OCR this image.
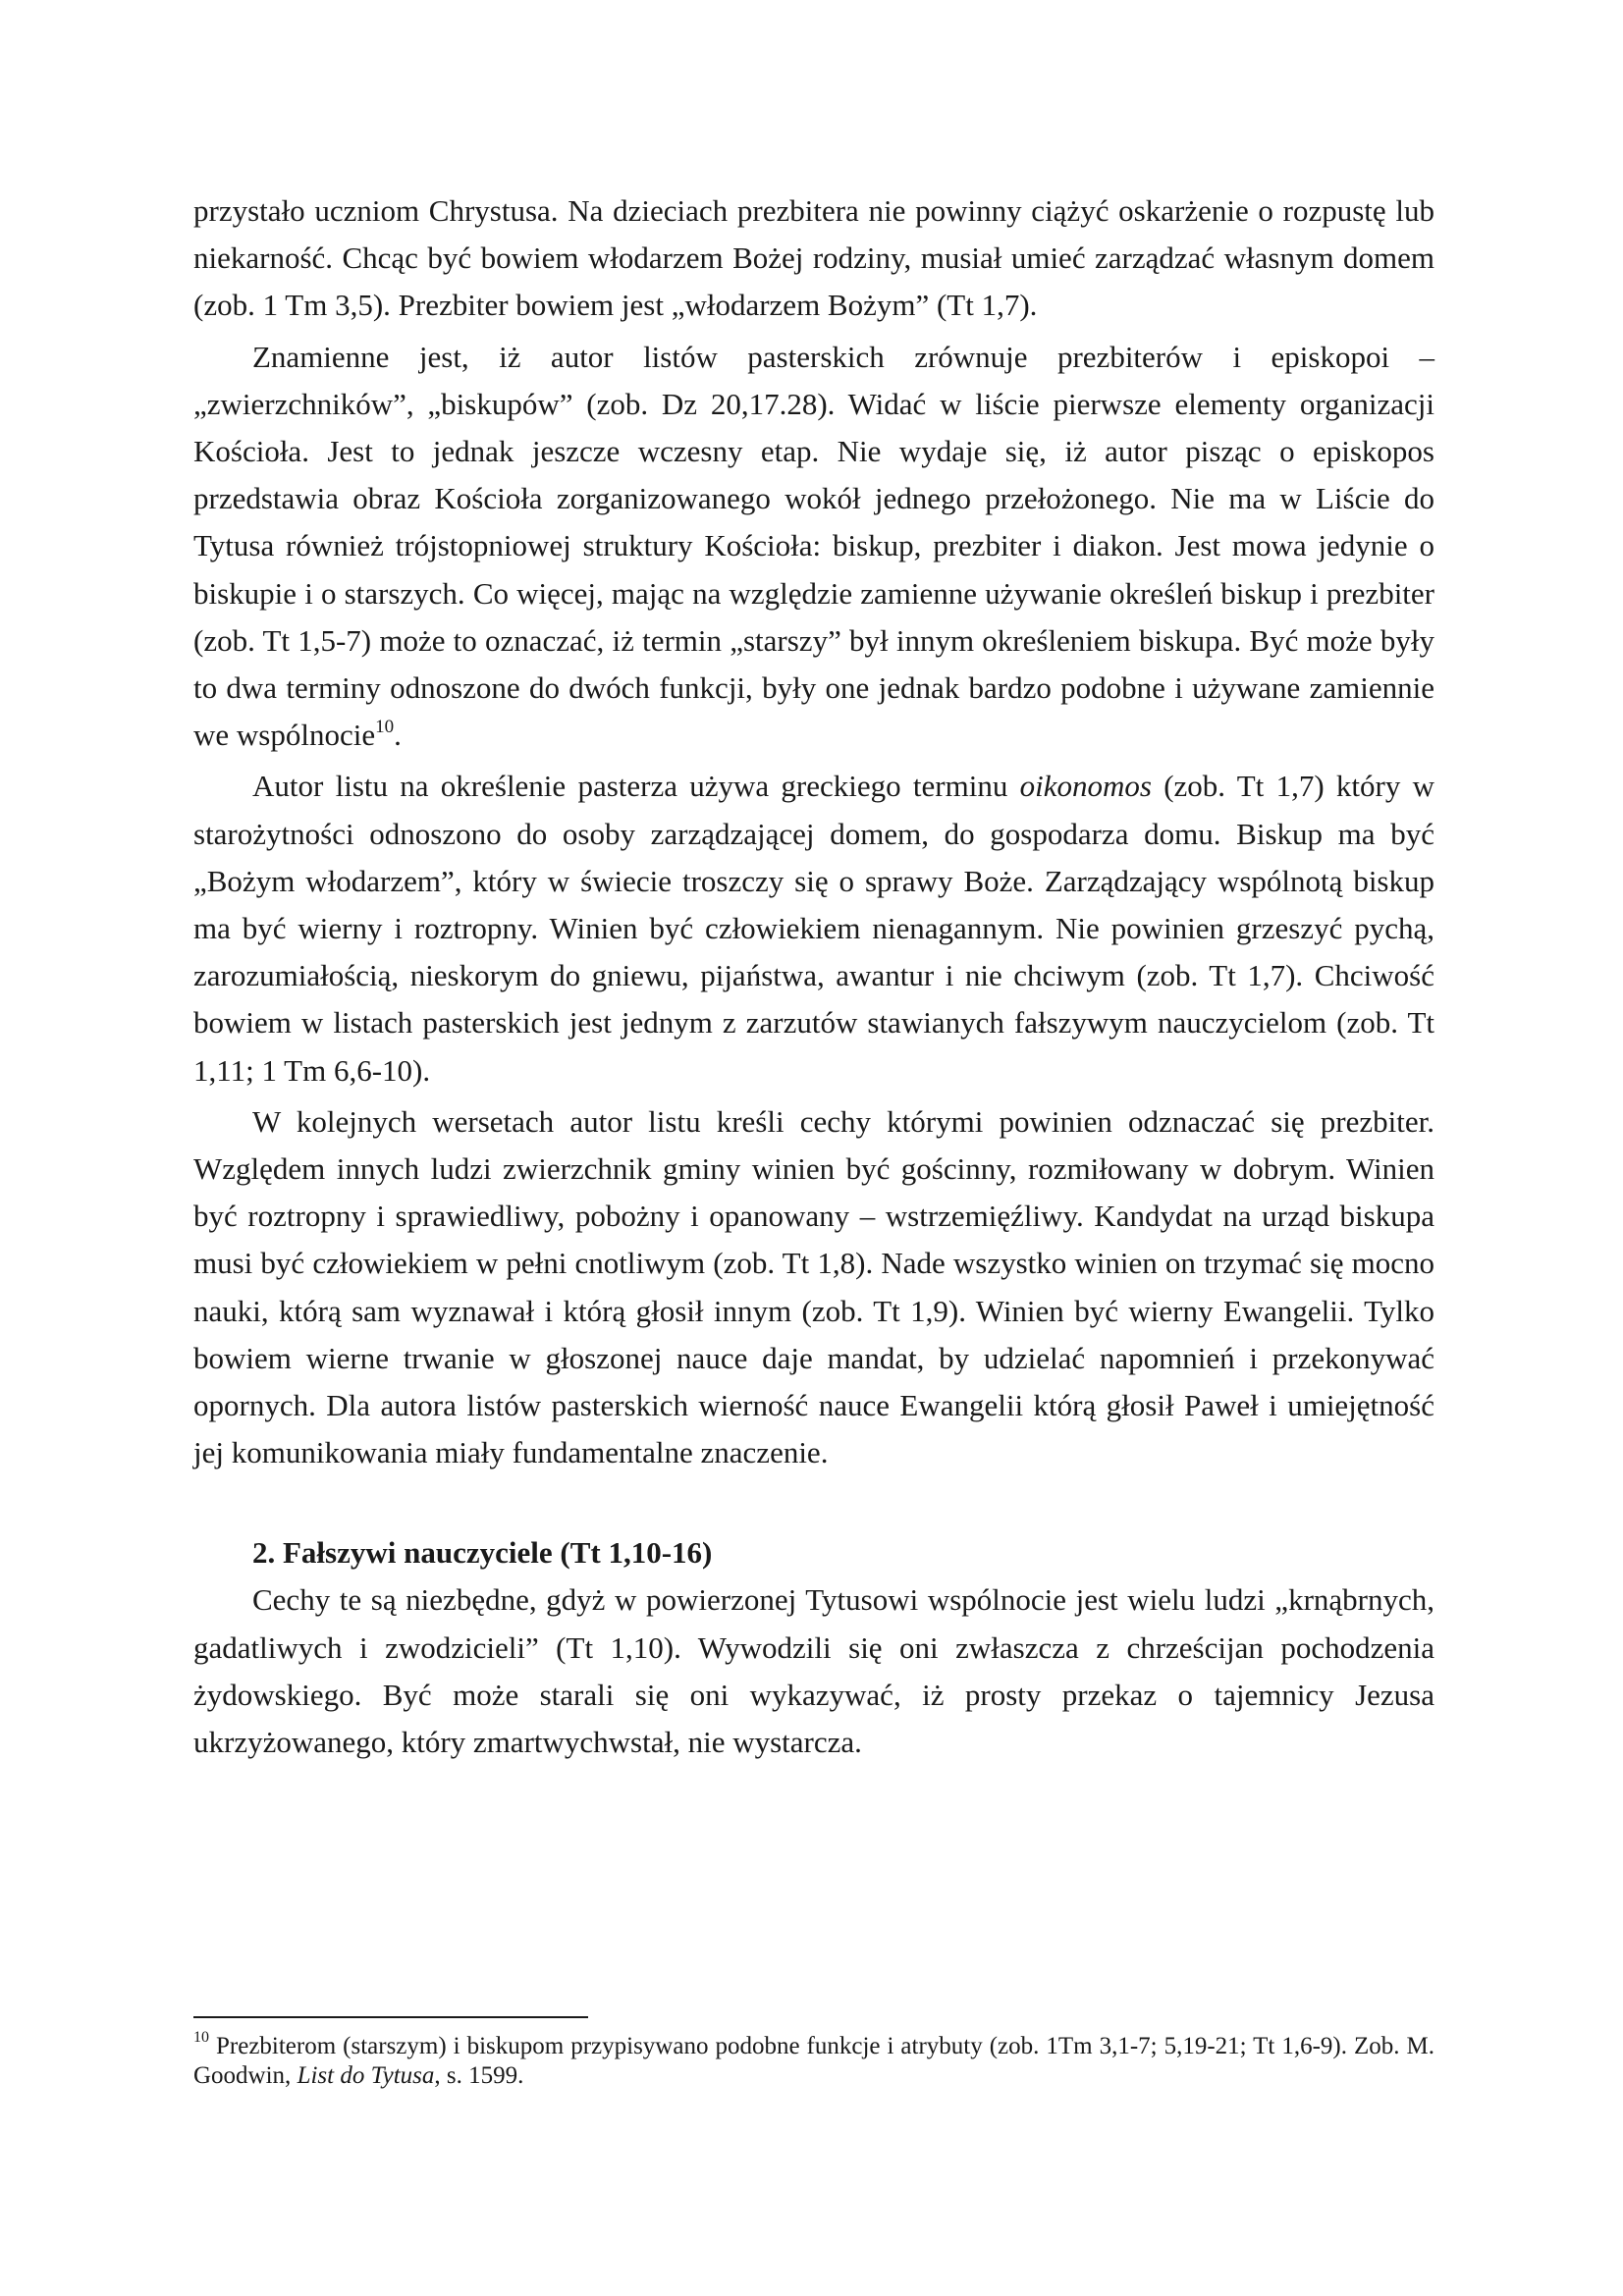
przystało uczniom Chrystusa. Na dzieciach prezbitera nie powinny ciążyć oskarżenie o rozpustę lub niekarność. Chcąc być bowiem włodarzem Bożej rodziny, musiał umieć zarządzać własnym domem (zob. 1 Tm 3,5). Prezbiter bowiem jest „włodarzem Bożym” (Tt 1,7).

Znamienne jest, iż autor listów pasterskich zrównuje prezbiterów i episkopoi – „zwierzchników”, „biskupów” (zob. Dz 20,17.28). Widać w liście pierwsze elementy organizacji Kościoła. Jest to jednak jeszcze wczesny etap. Nie wydaje się, iż autor pisząc o episkopos przedstawia obraz Kościoła zorganizowanego wokół jednego przełożonego. Nie ma w Liście do Tytusa również trójstopniowej struktury Kościoła: biskup, prezbiter i diakon. Jest mowa jedynie o biskupie i o starszych. Co więcej, mając na względzie zamienne używanie określeń biskup i prezbiter (zob. Tt 1,5-7) może to oznaczać, iż termin „starszy” był innym określeniem biskupa. Być może były to dwa terminy odnoszone do dwóch funkcji, były one jednak bardzo podobne i używane zamiennie we wspólnocie$^{10}$.

Autor listu na określenie pasterza używa greckiego terminu oikonomos (zob. Tt 1,7) który w starożytności odnoszono do osoby zarządzającej domem, do gospodarza domu. Biskup ma być „Bożym włodarzem”, który w świecie troszczy się o sprawy Boże. Zarządzający wspólnotą biskup ma być wierny i roztropny. Winien być człowiekiem nienagannym. Nie powinien grzeszyć pychą, zarozumiałością, nieskorym do gniewu, pijaństwa, awantur i nie chciwym (zob. Tt 1,7). Chciwość bowiem w listach pasterskich jest jednym z zarzutów stawianych fałszywym nauczycielom (zob. Tt 1,11; 1 Tm 6,6-10).

W kolejnych wersetach autor listu kreśli cechy którymi powinien odznaczać się prezbiter. Względem innych ludzi zwierzchnik gminy winien być gościnny, rozmiłowany w dobrym. Winien być roztropny i sprawiedliwy, pobożny i opanowany – wstrzemięźliwy. Kandydat na urząd biskupa musi być człowiekiem w pełni cnotliwym (zob. Tt 1,8). Nade wszystko winien on trzymać się mocno nauki, którą sam wyznawał i którą głosił innym (zob. Tt 1,9). Winien być wierny Ewangelii. Tylko bowiem wierne trwanie w głoszonej nauce daje mandat, by udzielać napomnień i przekonywać opornych. Dla autora listów pasterskich wierność nauce Ewangelii którą głosił Paweł i umiejętność jej komunikowania miały fundamentalne znaczenie.

2. Fałszywi nauczyciele (Tt 1,10-16)

Cechy te są niezbędne, gdyż w powierzonej Tytusowi wspólnocie jest wielu ludzi „krnąbrnych, gadatliwych i zwodzicieli” (Tt 1,10). Wywodzili się oni zwłaszcza z chrześcijan pochodzenia żydowskiego. Być może starali się oni wykazywać, iż prosty przekaz o tajemnicy Jezusa ukrzyżowanego, który zmartwychwstał, nie wystarcza.

$^{10}$ Prezbiterom (starszym) i biskupom przypisywano podobne funkcje i atrybuty (zob. 1Tm 3,1-7; 5,19-21; Tt 1,6-9). Zob. M. Goodwin, List do Tytusa, s. 1599.
